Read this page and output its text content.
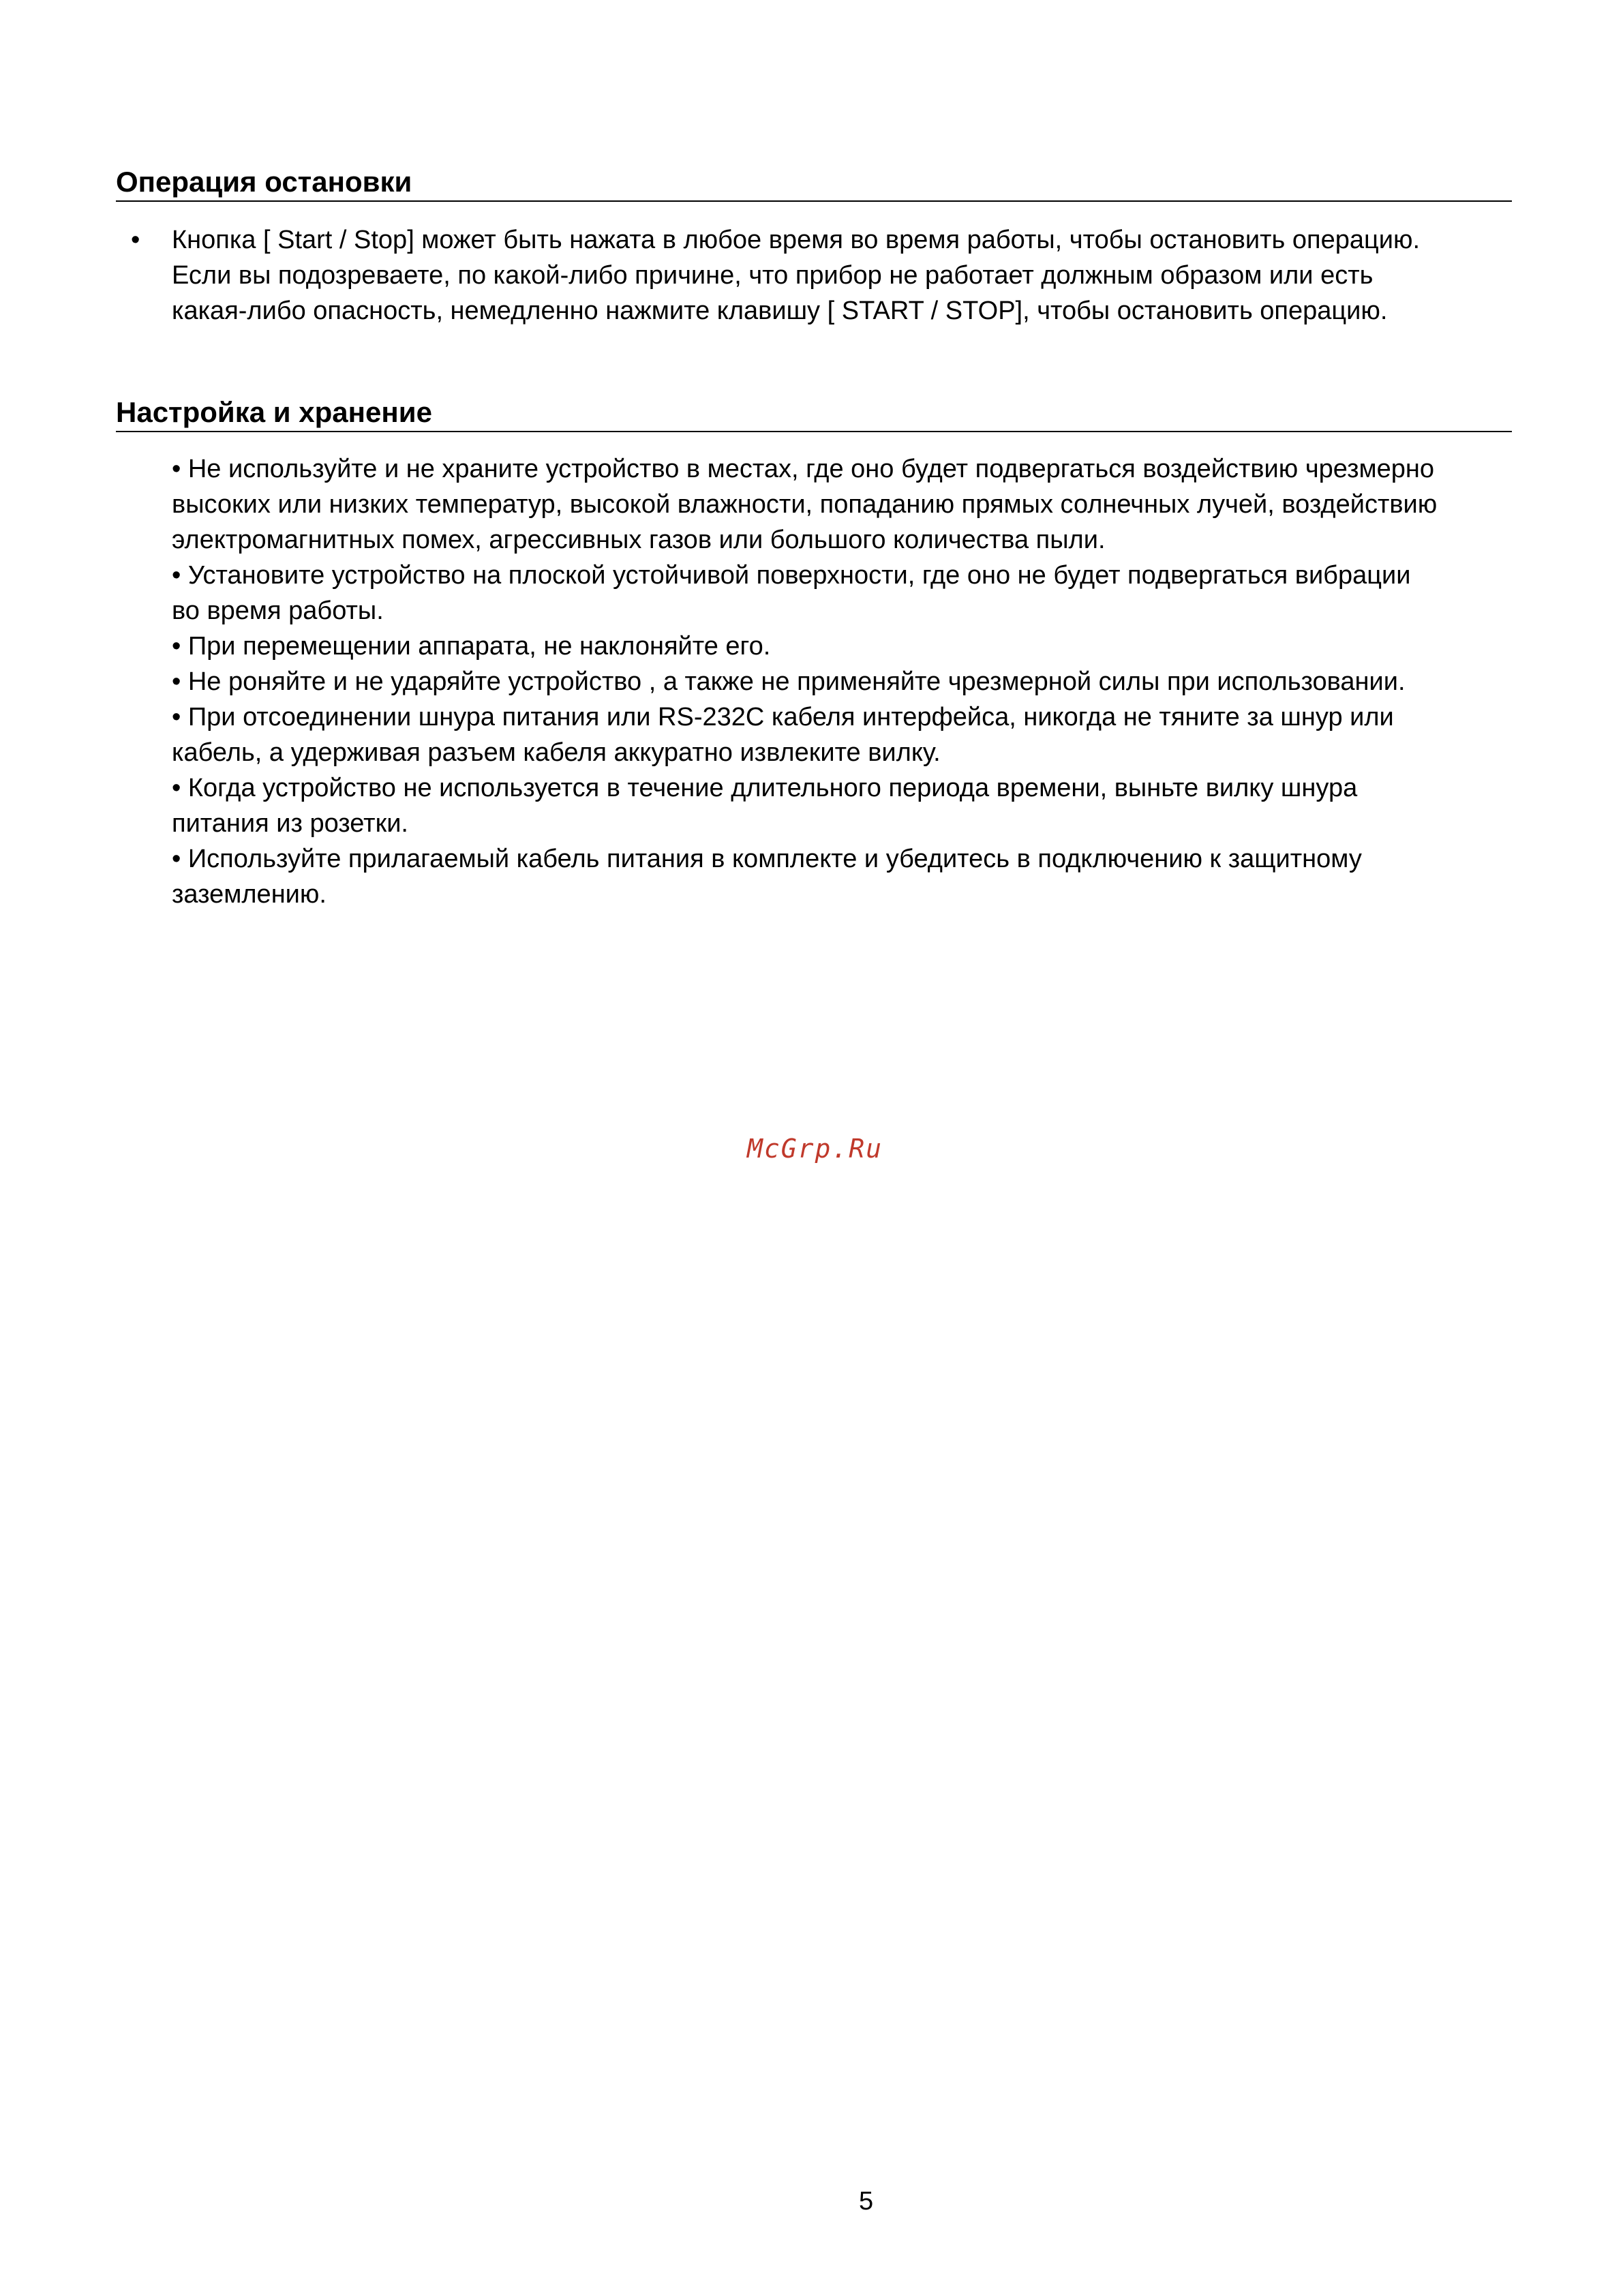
Операция остановки
• Кнопка [ Start / Stop] может быть нажата в любое время во время работы, чтобы остановить операцию.
Если вы подозреваете, по какой-либо причине, что прибор не работает должным образом или есть
какая-либо опасность, немедленно нажмите клавишу [ START / STOP], чтобы остановить операцию.
Настройка и хранение
• Не используйте и не храните устройство в местах, где оно будет подвергаться воздействию чрезмерно
высоких или низких температур, высокой влажности, попаданию прямых солнечных лучей, воздействию
электромагнитных помех, агрессивных газов или большого количества пыли.
• Установите устройство на плоской устойчивой поверхности, где оно не будет подвергаться вибрации
во время работы.
• При перемещении аппарата, не наклоняйте его.
• Не роняйте и не ударяйте устройство , а также не применяйте чрезмерной силы при использовании.
• При отсоединении шнура питания или RS-232C кабеля интерфейса, никогда не тяните за шнур или
кабель, а удерживая разъем кабеля аккуратно извлеките вилку.
• Когда устройство не используется в течение длительного периода времени, выньте вилку шнура
питания из розетки.
• Используйте прилагаемый кабель питания в комплекте и убедитесь в подключению к защитному
заземлению.
McGrp.Ru
5
